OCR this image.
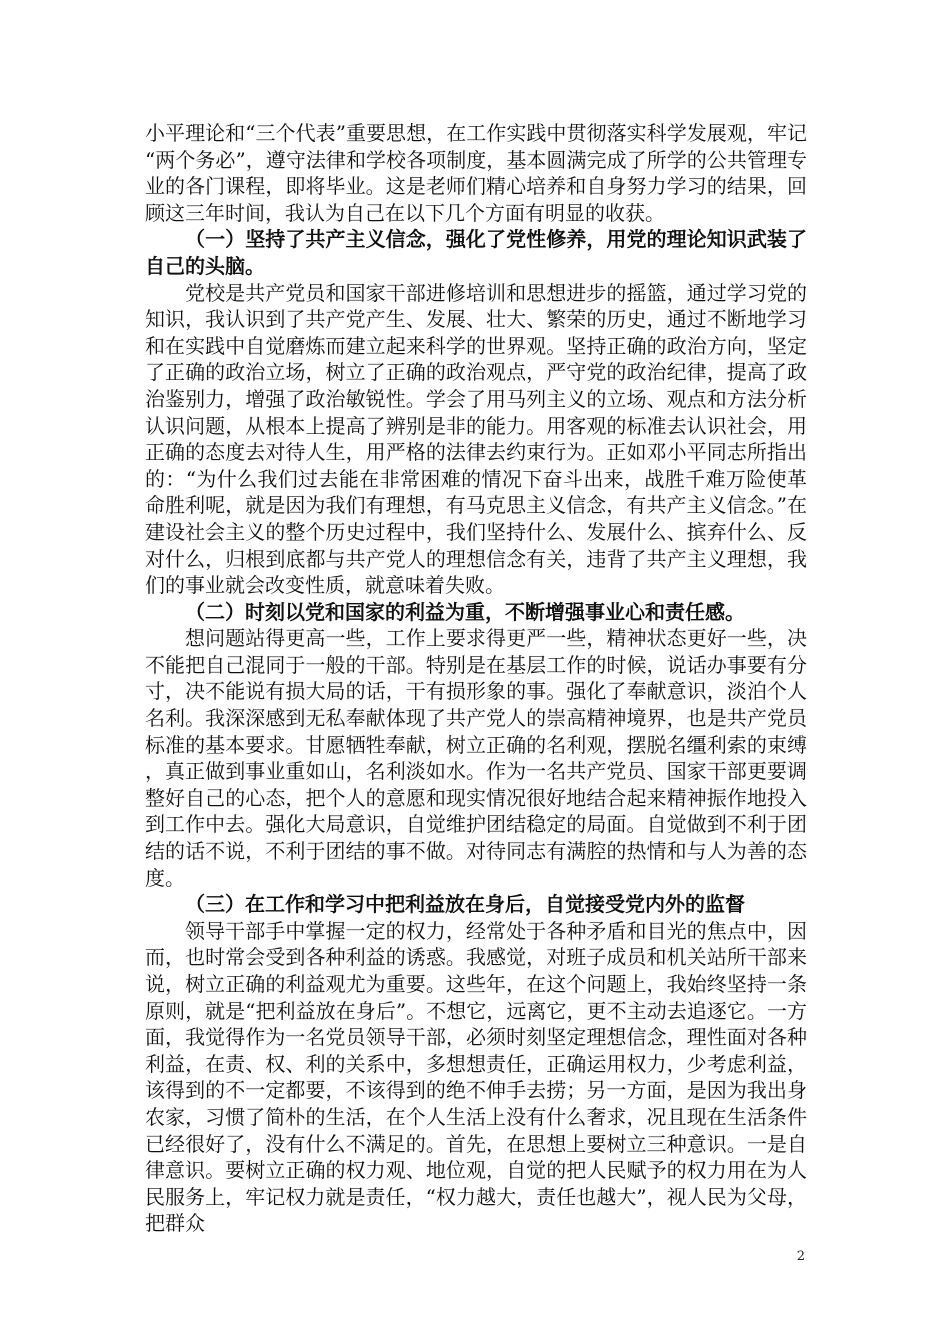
小平理论和“三个代表”重要思想，在工作实践中贯彻落实科学发展观，牢记“两个务必”，遵守法律和学校各项制度，基本圆满完成了所学的公共管理专业的各门课程，即将毕业。这是老师们精心培养和自身努力学习的结果，回顾这三年时间，我认为自己在以下几个方面有明显的收获。

（一）坚持了共产主义信念，强化了党性修养，用党的理论知识武装了自己的头脑。

党校是共产党员和国家干部进修培训和思想进步的摇篮，通过学习党的知识，我认识到了共产党产生、发展、壮大、繁荣的历史，通过不断地学习和在实践中自觉磨炼而建立起来科学的世界观。坚持正确的政治方向，坚定了正确的政治立场，树立了正确的政治观点，严守党的政治纪律，提高了政治鉴别力，增强了政治敏锐性。学会了用马列主义的立场、观点和方法分析认识问题，从根本上提高了辨别是非的能力。用客观的标准去认识社会，用正确的态度去对待人生，用严格的法律去约束行为。正如邓小平同志所指出的：“为什么我们过去能在非常困难的情况下奋斗出来，战胜千难万险使革命胜利呢，就是因为我们有理想，有马克思主义信念，有共产主义信念。”在建设社会主义的整个历史过程中，我们坚持什么、发展什么、摈弃什么、反对什么，归根到底都与共产党人的理想信念有关，违背了共产主义理想，我们的事业就会改变性质，就意味着失败。

（二）时刻以党和国家的利益为重，不断增强事业心和责任感。

想问题站得更高一些，工作上要求得更严一些，精神状态更好一些，决不能把自己混同于一般的干部。特别是在基层工作的时候，说话办事要有分寸，决不能说有损大局的话，干有损形象的事。强化了奉献意识，淡泊个人名利。我深深感到无私奉献体现了共产党人的崇高精神境界，也是共产党员标准的基本要求。甘愿牺牲奉献，树立正确的名利观，摆脱名缰利索的束缚，真正做到事业重如山，名利淡如水。作为一名共产党员、国家干部更要调整好自己的心态，把个人的意愿和现实情况很好地结合起来精神振作地投入到工作中去。强化大局意识，自觉维护团结稳定的局面。自觉做到不利于团结的话不说，不利于团结的事不做。对待同志有满腔的热情和与人为善的态度。

（三）在工作和学习中把利益放在身后，自觉接受党内外的监督

领导干部手中掌握一定的权力，经常处于各种矛盾和目光的焦点中，因而，也时常会受到各种利益的诱惑。我感觉，对班子成员和机关站所干部来说，树立正确的利益观尤为重要。这些年，在这个问题上，我始终坚持一条原则，就是“把利益放在身后”。不想它，远离它，更不主动去追逐它。一方面，我觉得作为一名党员领导干部，必须时刻坚定理想信念，理性面对各种利益，在责、权、利的关系中，多想想责任，正确运用权力，少考虑利益，该得到的不一定都要，不该得到的绝不伸手去捞；另一方面，是因为我出身农家，习惯了简朴的生活，在个人生活上没有什么奢求，况且现在生活条件已经很好了，没有什么不满足的。首先，在思想上要树立三种意识。一是自律意识。要树立正确的权力观、地位观，自觉的把人民赋予的权力用在为人民服务上，牢记权力就是责任，“权力越大，责任也越大”，视人民为父母，把群众

2
